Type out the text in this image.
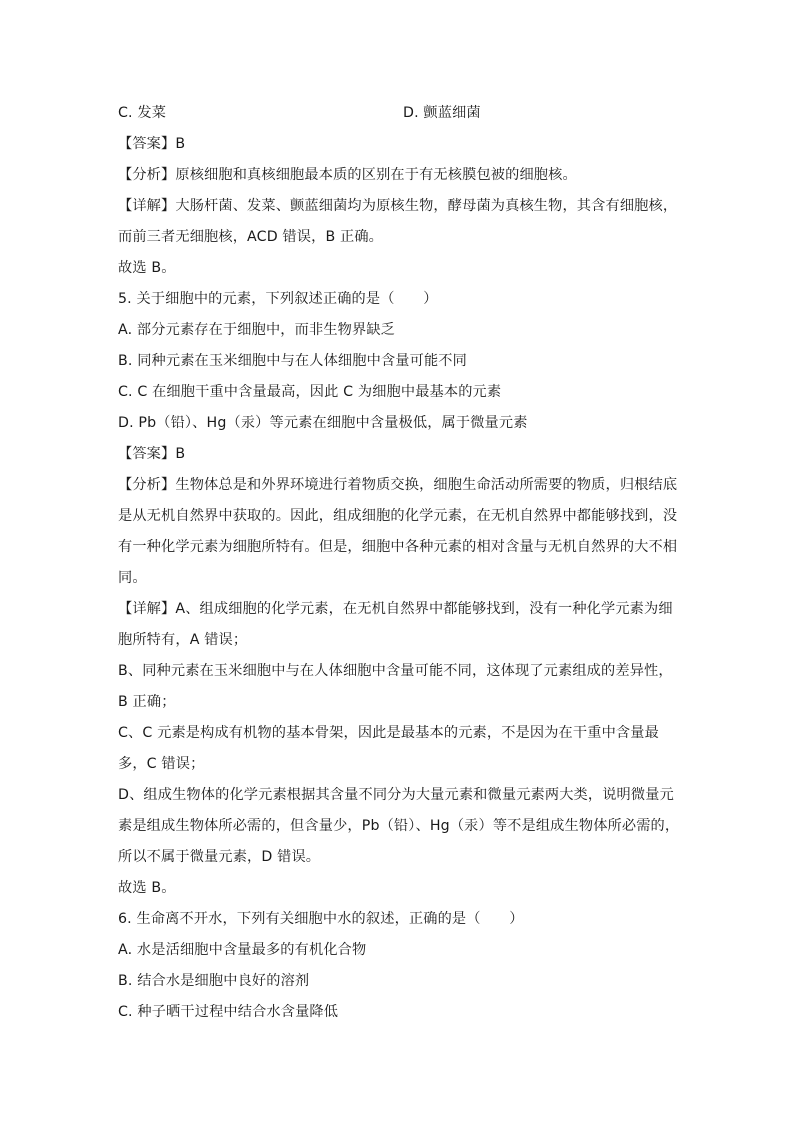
C. 发菜	D. 颤蓝细菌
【答案】B
【分析】原核细胞和真核细胞最本质的区别在于有无核膜包被的细胞核。
【详解】大肠杆菌、发菜、颤蓝细菌均为原核生物，酵母菌为真核生物，其含有细胞核，
而前三者无细胞核，ACD 错误，B 正确。
故选 B。
5. 关于细胞中的元素，下列叙述正确的是（　　）
A. 部分元素存在于细胞中，而非生物界缺乏
B. 同种元素在玉米细胞中与在人体细胞中含量可能不同
C. C 在细胞干重中含量最高，因此 C 为细胞中最基本的元素
D. Pb（铅）、Hg（汞）等元素在细胞中含量极低，属于微量元素
【答案】B
【分析】生物体总是和外界环境进行着物质交换，细胞生命活动所需要的物质，归根结底
是从无机自然界中获取的。因此，组成细胞的化学元素，在无机自然界中都能够找到，没
有一种化学元素为细胞所特有。但是，细胞中各种元素的相对含量与无机自然界的大不相
同。
【详解】A、组成细胞的化学元素，在无机自然界中都能够找到，没有一种化学元素为细
胞所特有，A 错误；
B、同种元素在玉米细胞中与在人体细胞中含量可能不同，这体现了元素组成的差异性，
B 正确；
C、C 元素是构成有机物的基本骨架，因此是最基本的元素，不是因为在干重中含量最
多，C 错误；
D、组成生物体的化学元素根据其含量不同分为大量元素和微量元素两大类，说明微量元
素是组成生物体所必需的，但含量少，Pb（铅）、Hg（汞）等不是组成生物体所必需的，
所以不属于微量元素，D 错误。
故选 B。
6. 生命离不开水，下列有关细胞中水的叙述，正确的是（　　）
A. 水是活细胞中含量最多的有机化合物
B. 结合水是细胞中良好的溶剂
C. 种子晒干过程中结合水含量降低
